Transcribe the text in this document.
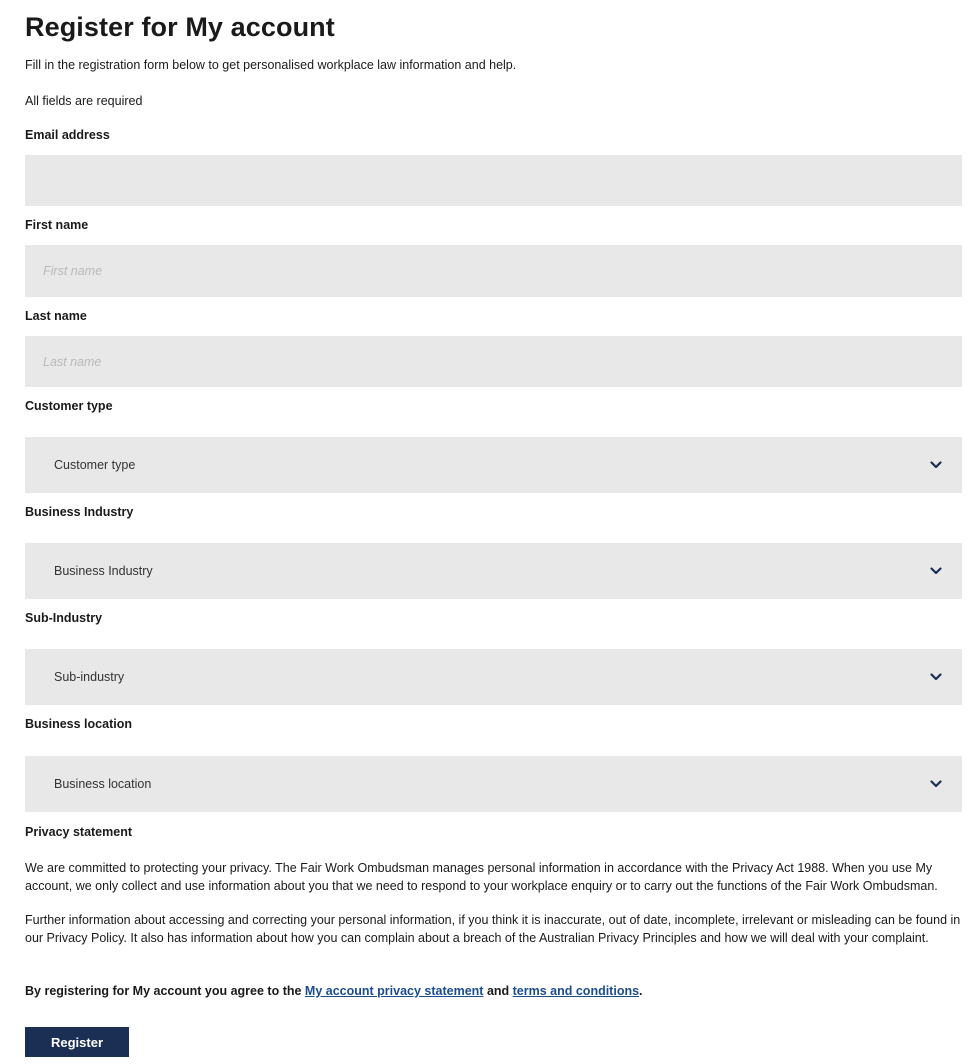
Register for My account
Fill in the registration form below to get personalised workplace law information and help.
All fields are required
Email address
First name
First name
Last name
Last name
Customer type
Customer type
Business Industry
Business Industry
Sub-Industry
Sub-industry
Business location
Business location
Privacy statement

We are committed to protecting your privacy. The Fair Work Ombudsman manages personal information in accordance with the Privacy Act 1988. When you use My account, we only collect and use information about you that we need to respond to your workplace enquiry or to carry out the functions of the Fair Work Ombudsman.

Further information about accessing and correcting your personal information, if you think it is inaccurate, out of date, incomplete, irrelevant or misleading can be found in our Privacy Policy. It also has information about how you can complain about a breach of the Australian Privacy Principles and how we will deal with your complaint.

By registering for My account you agree to the My account privacy statement and terms and conditions.
Register
